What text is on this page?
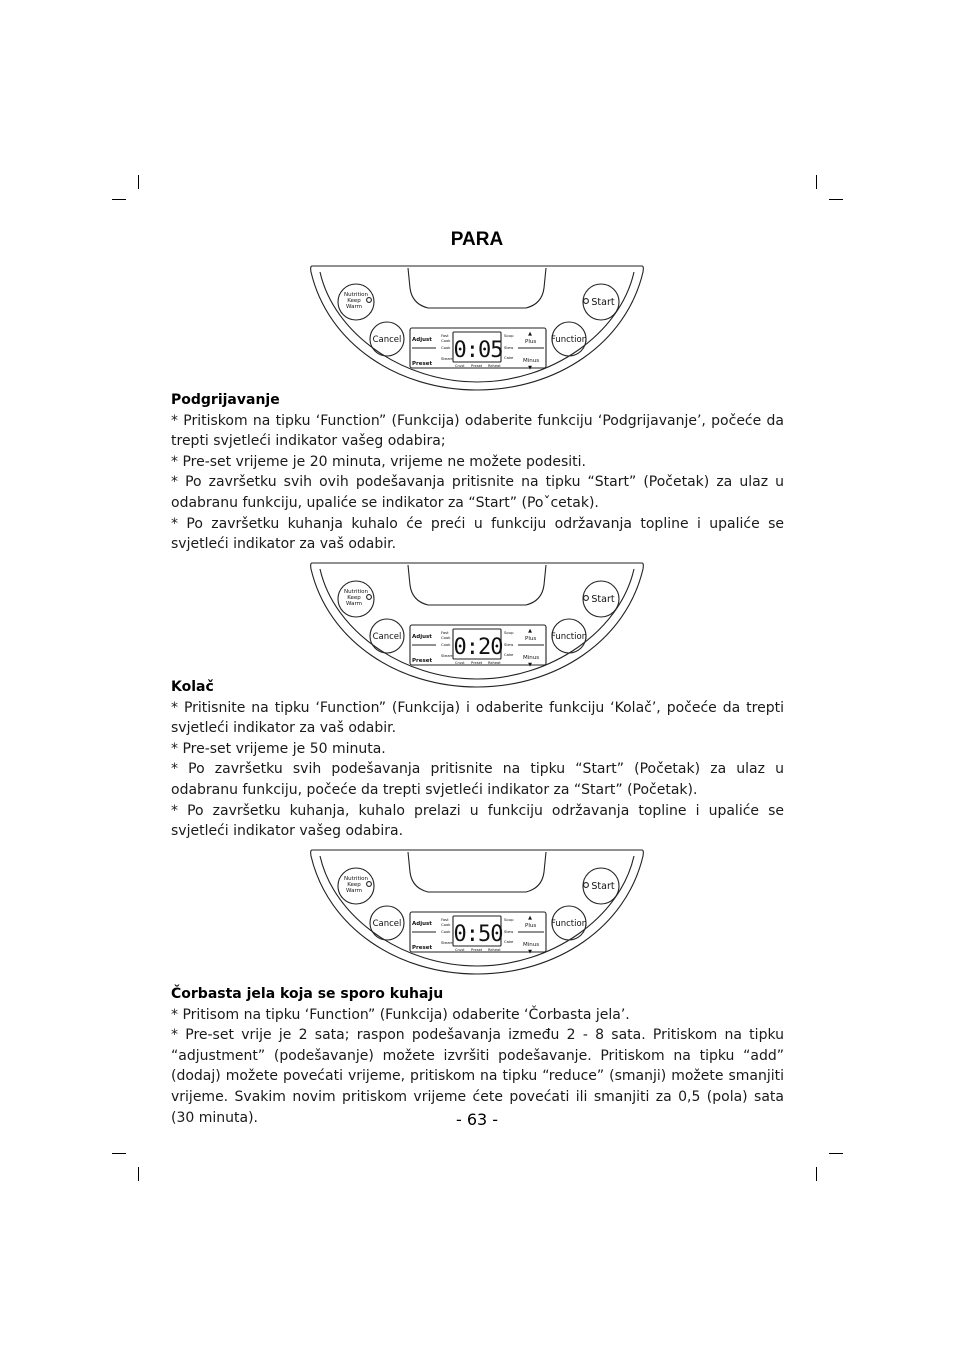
PARA
Nutrition
Keep
Warm	Start
Cancel	Function
Adjust
Preset
Plus
Minus
▲
▼
Fast
Cook
Cook
Steam
Soup
Stew
Cake
Crust Preset Reheat
0:05

Podgrijavanje

* Pritiskom na tipku ‘Function” (Funkcija) odaberite funkciju ‘Podgrijavanje’, počeće da trepti svjetleći indikator vašeg odabira;

* Pre-set vrijeme je 20 minuta, vrijeme ne možete podesiti.

* Po završetku svih ovih podešavanja pritisnite na tipku “Start” (Početak) za ulaz u odabranu funkciju, upaliće se indikator za “Start” (Poˇcetak).

* Po završetku kuhanja kuhalo će preći u funkciju održavanja topline i upaliće se svjetleći indikator za vaš odabir.

Nutrition
Keep
Warm	Start
Cancel	Function
Adjust
Preset
Plus
Minus
▲
▼
Fast
Cook
Cook
Steam
Soup
Stew
Cake
Crust Preset Reheat
0:20

Kolač

* Pritisnite na tipku ‘Function” (Funkcija) i odaberite funkciju ‘Kolač’, počeće da trepti svjetleći indikator za vaš odabir.

* Pre-set vrijeme je 50 minuta.

* Po završetku svih podešavanja pritisnite na tipku “Start” (Početak) za ulaz u odabranu funkciju, počeće da trepti svjetleći indikator za “Start” (Početak).

* Po završetku kuhanja, kuhalo prelazi u funkciju održavanja topline i upaliće se svjetleći indikator vašeg odabira.

Nutrition
Keep
Warm	Start
Cancel	Function
Adjust
Preset
Plus
Minus
▲
▼
Fast
Cook
Cook
Steam
Soup
Stew
Cake
Crust Preset Reheat
0:50

Čorbasta jela koja se sporo kuhaju

* Pritisom na tipku ‘Function” (Funkcija) odaberite ‘Čorbasta jela’.

* Pre-set vrije je 2 sata; raspon podešavanja između 2 - 8 sata. Pritiskom na tipku “adjustment” (podešavanje) možete izvršiti podešavanje. Pritiskom na tipku “add” (dodaj) možete povećati vrijeme, pritiskom na tipku “reduce” (smanji) možete smanjiti vrijeme. Svakim novim pritiskom vrijeme ćete povećati ili smanjiti za 0,5 (pola) sata (30 minuta).	- 63 -
